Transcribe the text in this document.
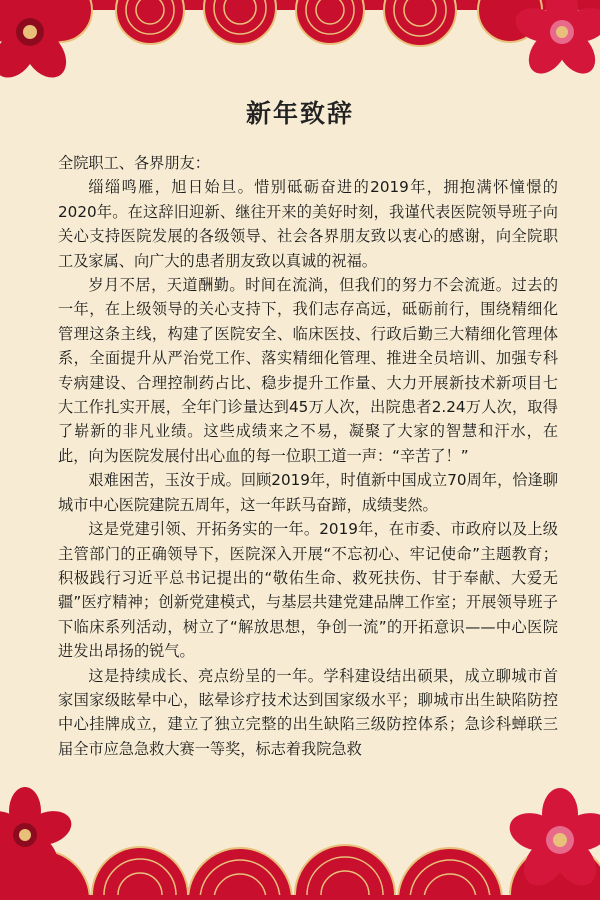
新年致辞

全院职工、各界朋友：

缁缁鸣雁，旭日始旦。惜别砥砺奋进的2019年，拥抱满怀憧憬的2020年。在这辞旧迎新、继往开来的美好时刻，我谨代表医院领导班子向关心支持医院发展的各级领导、社会各界朋友致以衷心的感谢，向全院职工及家属、向广大的患者朋友致以真诚的祝福。

岁月不居，天道酬勤。时间在流淌，但我们的努力不会流逝。过去的一年，在上级领导的关心支持下，我们志存高远，砥砺前行，围绕精细化管理这条主线，构建了医院安全、临床医技、行政后勤三大精细化管理体系，全面提升从严治党工作、落实精细化管理、推进全员培训、加强专科专病建设、合理控制药占比、稳步提升工作量、大力开展新技术新项目七大工作扎实开展，全年门诊量达到45万人次，出院患者2.24万人次，取得了崭新的非凡业绩。这些成绩来之不易，凝聚了大家的智慧和汗水，在此，向为医院发展付出心血的每一位职工道一声：“辛苦了！”

艰难困苦，玉汝于成。回顾2019年，时值新中国成立70周年，恰逢聊城市中心医院建院五周年，这一年跃马奋蹄，成绩斐然。

这是党建引领、开拓务实的一年。2019年，在市委、市政府以及上级主管部门的正确领导下，医院深入开展“不忘初心、牢记使命”主题教育；积极践行习近平总书记提出的“敬佑生命、救死扶伤、甘于奉献、大爱无疆”医疗精神；创新党建模式，与基层共建党建品牌工作室；开展领导班子下临床系列活动，树立了“解放思想，争创一流”的开拓意识——中心医院进发出昂扬的锐气。

这是持续成长、亮点纷呈的一年。学科建设结出硕果，成立聊城市首家国家级眩晕中心，眩晕诊疗技术达到国家级水平；聊城市出生缺陷防控中心挂牌成立，建立了独立完整的出生缺陷三级防控体系；急诊科蝉联三届全市应急急救大赛一等奖，标志着我院急救
